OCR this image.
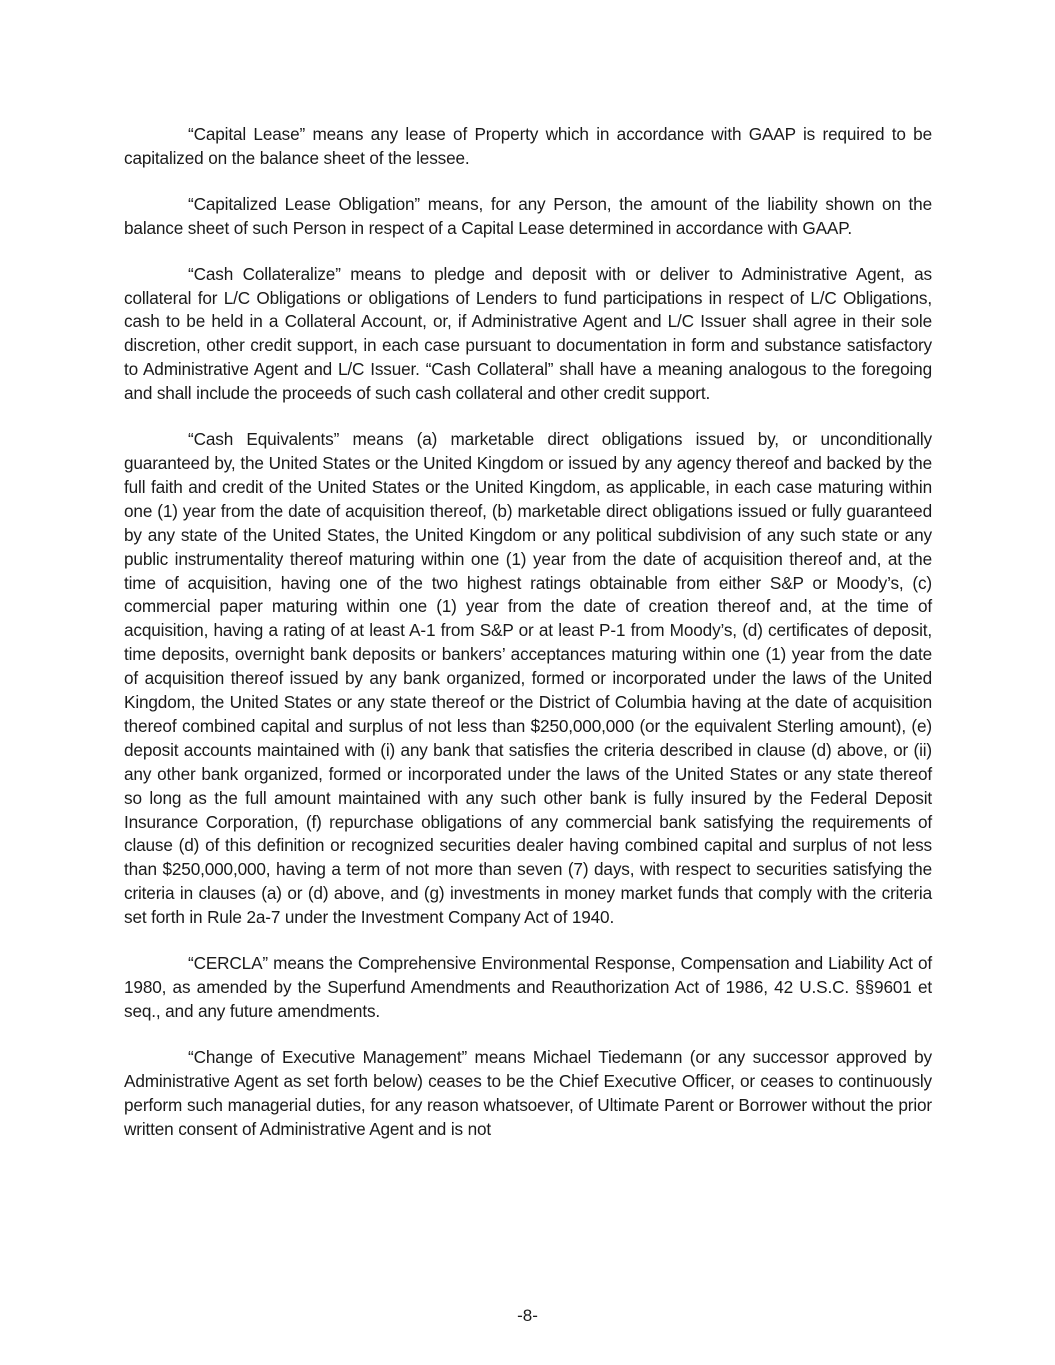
“Capital Lease” means any lease of Property which in accordance with GAAP is required to be capitalized on the balance sheet of the lessee.

“Capitalized Lease Obligation” means, for any Person, the amount of the liability shown on the balance sheet of such Person in respect of a Capital Lease determined in accordance with GAAP.

“Cash Collateralize” means to pledge and deposit with or deliver to Administrative Agent, as collateral for L/C Obligations or obligations of Lenders to fund participations in respect of L/C Obligations, cash to be held in a Collateral Account, or, if Administrative Agent and L/C Issuer shall agree in their sole discretion, other credit support, in each case pursuant to documentation in form and substance satisfactory to Administrative Agent and L/C Issuer. “Cash Collateral” shall have a meaning analogous to the foregoing and shall include the proceeds of such cash collateral and other credit support.

“Cash Equivalents” means (a) marketable direct obligations issued by, or unconditionally guaranteed by, the United States or the United Kingdom or issued by any agency thereof and backed by the full faith and credit of the United States or the United Kingdom, as applicable, in each case maturing within one (1) year from the date of acquisition thereof, (b) marketable direct obligations issued or fully guaranteed by any state of the United States, the United Kingdom or any political subdivision of any such state or any public instrumentality thereof maturing within one (1) year from the date of acquisition thereof and, at the time of acquisition, having one of the two highest ratings obtainable from either S&P or Moody’s, (c) commercial paper maturing within one (1) year from the date of creation thereof and, at the time of acquisition, having a rating of at least A-1 from S&P or at least P-1 from Moody’s, (d) certificates of deposit, time deposits, overnight bank deposits or bankers’ acceptances maturing within one (1) year from the date of acquisition thereof issued by any bank organized, formed or incorporated under the laws of the United Kingdom, the United States or any state thereof or the District of Columbia having at the date of acquisition thereof combined capital and surplus of not less than $250,000,000 (or the equivalent Sterling amount), (e) deposit accounts maintained with (i) any bank that satisfies the criteria described in clause (d) above, or (ii) any other bank organized, formed or incorporated under the laws of the United States or any state thereof so long as the full amount maintained with any such other bank is fully insured by the Federal Deposit Insurance Corporation, (f) repurchase obligations of any commercial bank satisfying the requirements of clause (d) of this definition or recognized securities dealer having combined capital and surplus of not less than $250,000,000, having a term of not more than seven (7) days, with respect to securities satisfying the criteria in clauses (a) or (d) above, and (g) investments in money market funds that comply with the criteria set forth in Rule 2a-7 under the Investment Company Act of 1940.

“CERCLA” means the Comprehensive Environmental Response, Compensation and Liability Act of 1980, as amended by the Superfund Amendments and Reauthorization Act of 1986, 42 U.S.C. §§9601 et seq., and any future amendments.

“Change of Executive Management” means Michael Tiedemann (or any successor approved by Administrative Agent as set forth below) ceases to be the Chief Executive Officer, or ceases to continuously perform such managerial duties, for any reason whatsoever, of Ultimate Parent or Borrower without the prior written consent of Administrative Agent and is not

-8-
